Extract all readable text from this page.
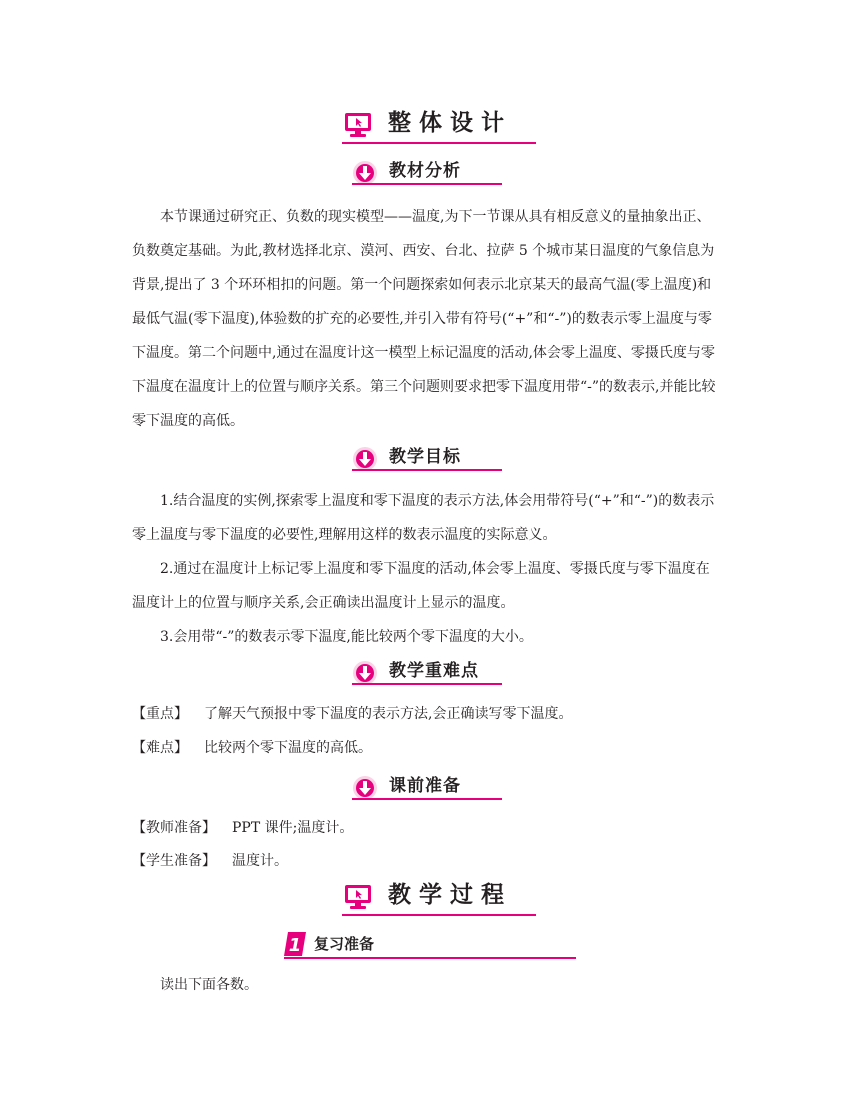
整体设计
教材分析

本节课通过研究正、负数的现实模型——温度,为下一节课从具有相反意义的量抽象出正、负数奠定基础。为此,教材选择北京、漠河、西安、台北、拉萨 5 个城市某日温度的气象信息为背景,提出了 3 个环环相扣的问题。第一个问题探索如何表示北京某天的最高气温(零上温度)和最低气温(零下温度),体验数的扩充的必要性,并引入带有符号(“+”和“-”)的数表示零上温度与零下温度。第二个问题中,通过在温度计这一模型上标记温度的活动,体会零上温度、零摄氏度与零下温度在温度计上的位置与顺序关系。第三个问题则要求把零下温度用带“-”的数表示,并能比较零下温度的高低。

教学目标

1.结合温度的实例,探索零上温度和零下温度的表示方法,体会用带符号(“+”和“-”)的数表示零上温度与零下温度的必要性,理解用这样的数表示温度的实际意义。

2.通过在温度计上标记零上温度和零下温度的活动,体会零上温度、零摄氏度与零下温度在温度计上的位置与顺序关系,会正确读出温度计上显示的温度。

3.会用带“-”的数表示零下温度,能比较两个零下温度的大小。

教学重难点
【重点】 了解天气预报中零下温度的表示方法,会正确读写零下温度。
【难点】 比较两个零下温度的高低。
课前准备
【教师准备】 PPT 课件;温度计。
【学生准备】 温度计。
教学过程
1 复习准备
读出下面各数。
